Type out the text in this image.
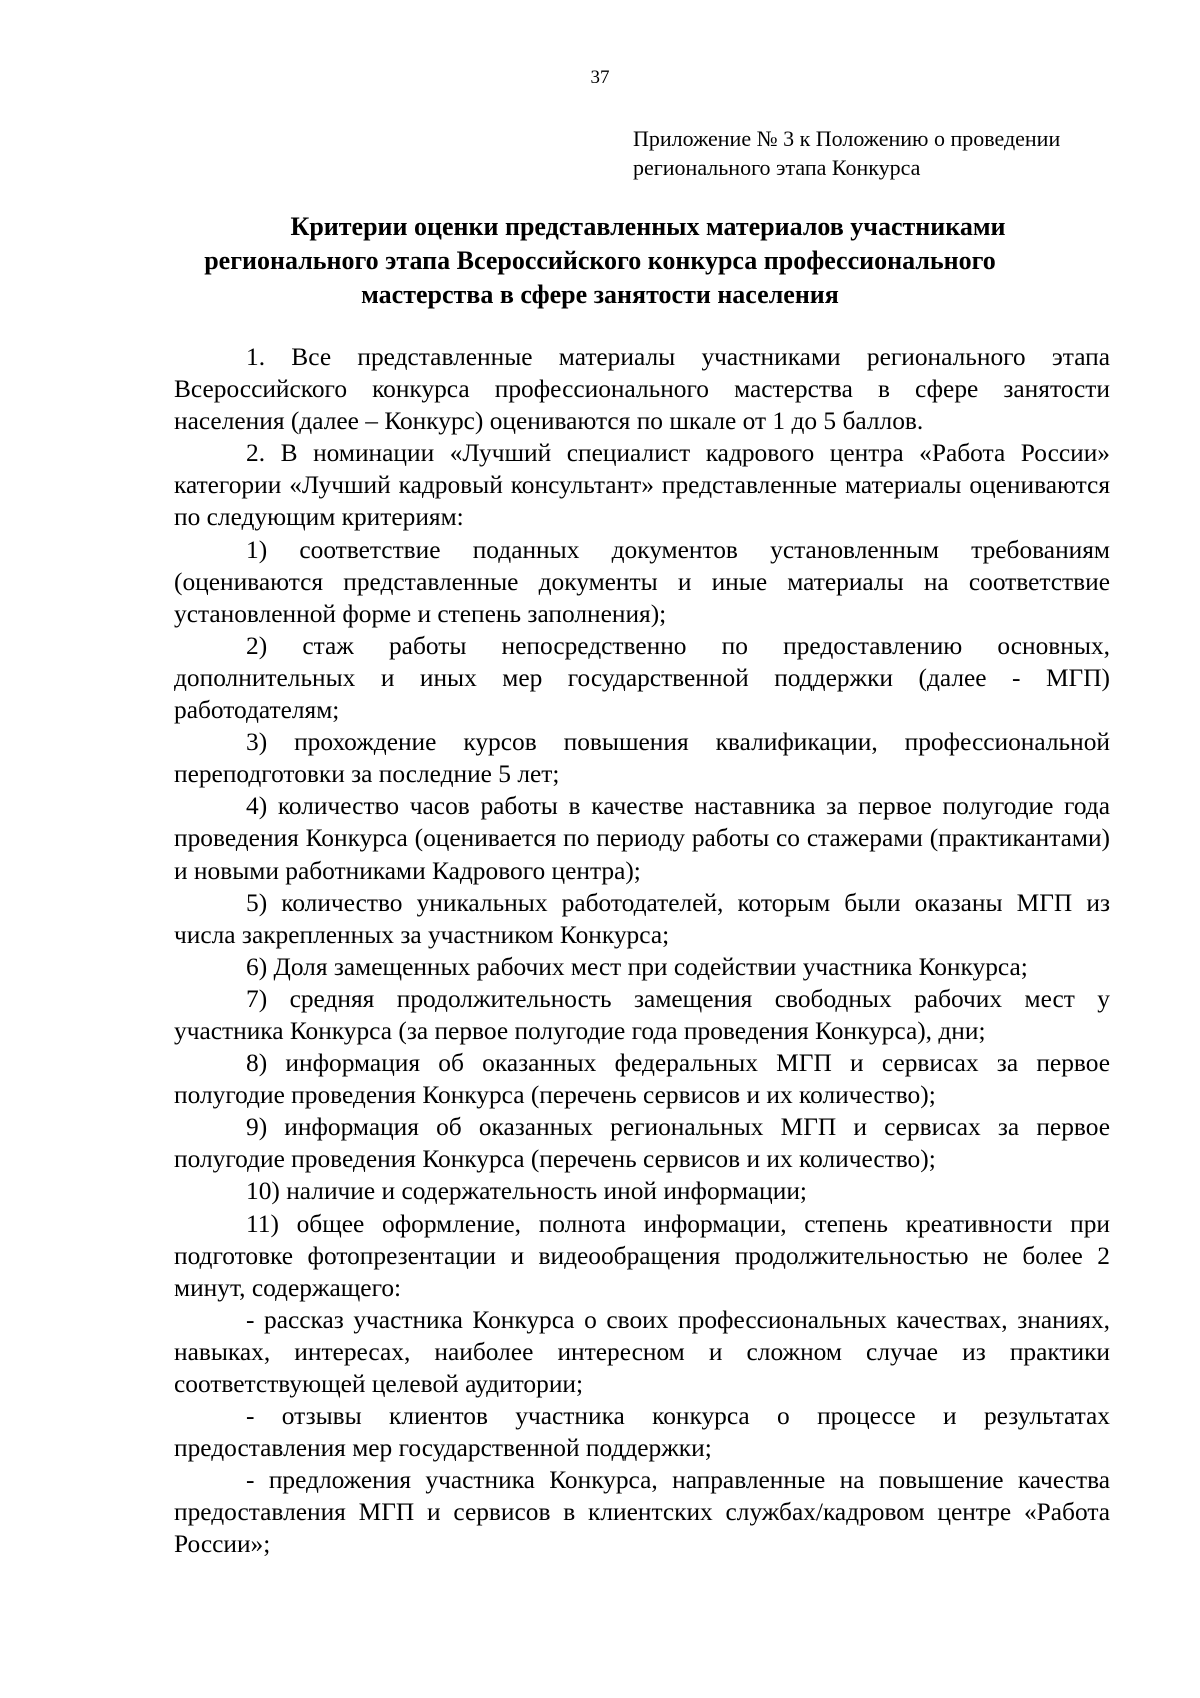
37
Приложение № 3 к Положению о проведении
регионального этапа Конкурса
Критерии оценки представленных материалов участниками
регионального этапа Всероссийского конкурса профессионального
мастерства в сфере занятости населения

1. Все представленные материалы участниками регионального этапа Всероссийского конкурса профессионального мастерства в сфере занятости населения (далее – Конкурс) оцениваются по шкале от 1 до 5 баллов.

2. В номинации «Лучший специалист кадрового центра «Работа России» категории «Лучший кадровый консультант» представленные материалы оцениваются по следующим критериям:

1) соответствие поданных документов установленным требованиям (оцениваются представленные документы и иные материалы на соответствие установленной форме и степень заполнения);

2) стаж работы непосредственно по предоставлению основных, дополнительных и иных мер государственной поддержки (далее - МГП) работодателям;

3) прохождение курсов повышения квалификации, профессиональной переподготовки за последние 5 лет;

4) количество часов работы в качестве наставника за первое полугодие года проведения Конкурса (оценивается по периоду работы со стажерами (практикантами) и новыми работниками Кадрового центра);

5) количество уникальных работодателей, которым были оказаны МГП из числа закрепленных за участником Конкурса;

6) Доля замещенных рабочих мест при содействии участника Конкурса;

7) средняя продолжительность замещения свободных рабочих мест у участника Конкурса (за первое полугодие года проведения Конкурса), дни;

8) информация об оказанных федеральных МГП и сервисах за первое полугодие проведения Конкурса (перечень сервисов и их количество);

9) информация об оказанных региональных МГП и сервисах за первое полугодие проведения Конкурса (перечень сервисов и их количество);

10) наличие и содержательность иной информации;

11) общее оформление, полнота информации, степень креативности при подготовке фотопрезентации и видеообращения продолжительностью не более 2 минут, содержащего:

- рассказ участника Конкурса о своих профессиональных качествах, знаниях, навыках, интересах, наиболее интересном и сложном случае из практики соответствующей целевой аудитории;

- отзывы клиентов участника конкурса о процессе и результатах предоставления мер государственной поддержки;

- предложения участника Конкурса, направленные на повышение качества предоставления МГП и сервисов в клиентских службах/кадровом центре «Работа России»;
